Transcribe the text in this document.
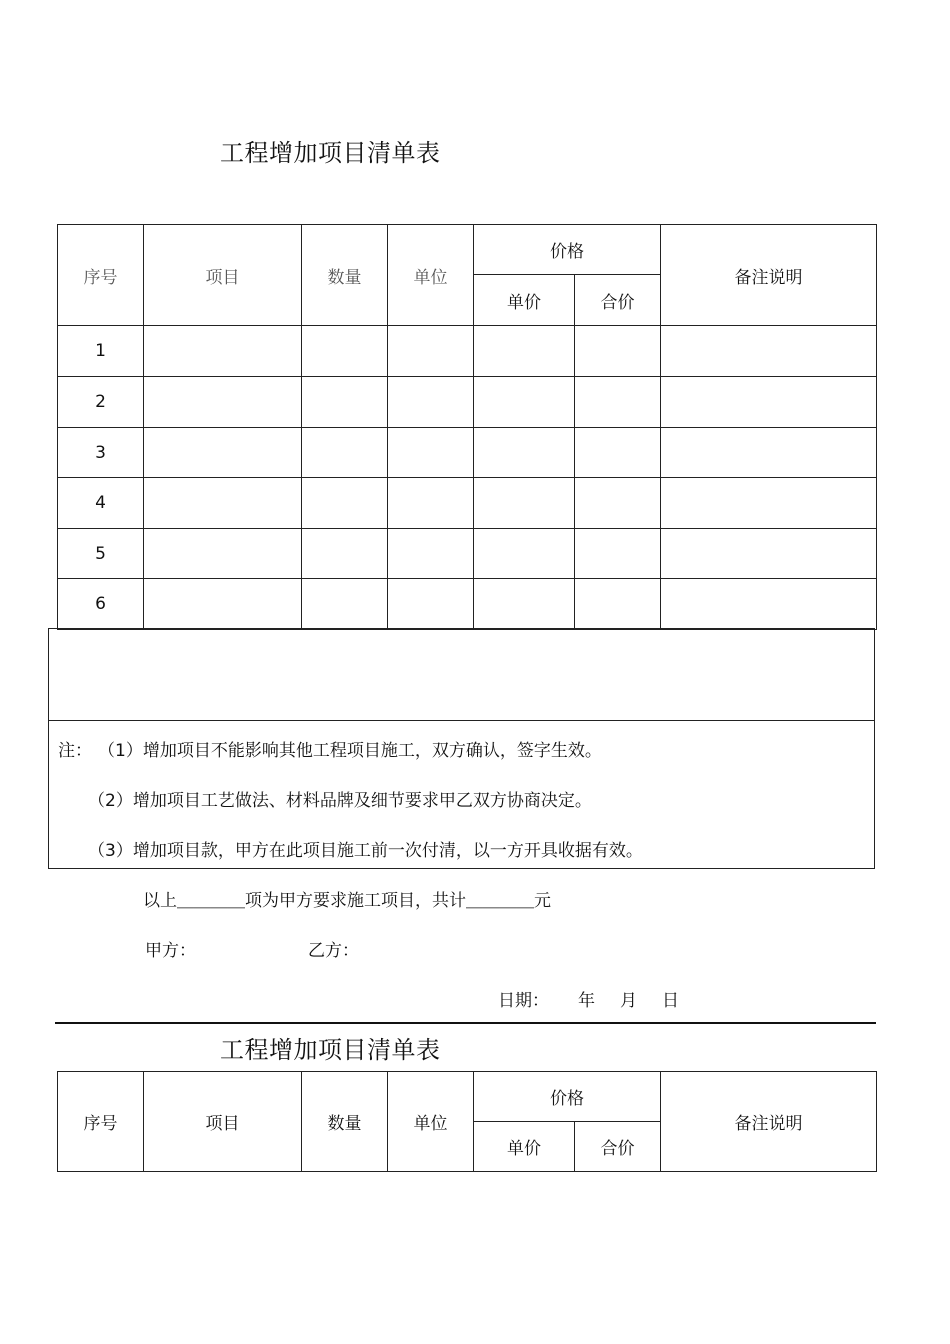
工程增加项目清单表
序号	项目	数量	单位	价格		备注说明
				单价	合价	
1						
2						
3						
4						
5						
6						
注： （1）增加项目不能影响其他工程项目施工，双方确认，签字生效。
（2）增加项目工艺做法、材料品牌及细节要求甲乙双方协商决定。
（3）增加项目款，甲方在此项目施工前一次付清，以一方开具收据有效。
以上＿＿＿＿项为甲方要求施工项目，共计＿＿＿＿元
甲方：	乙方：
日期： 年 月 日
工程增加项目清单表
序号	项目	数量	单位	价格		备注说明
				单价	合价	
